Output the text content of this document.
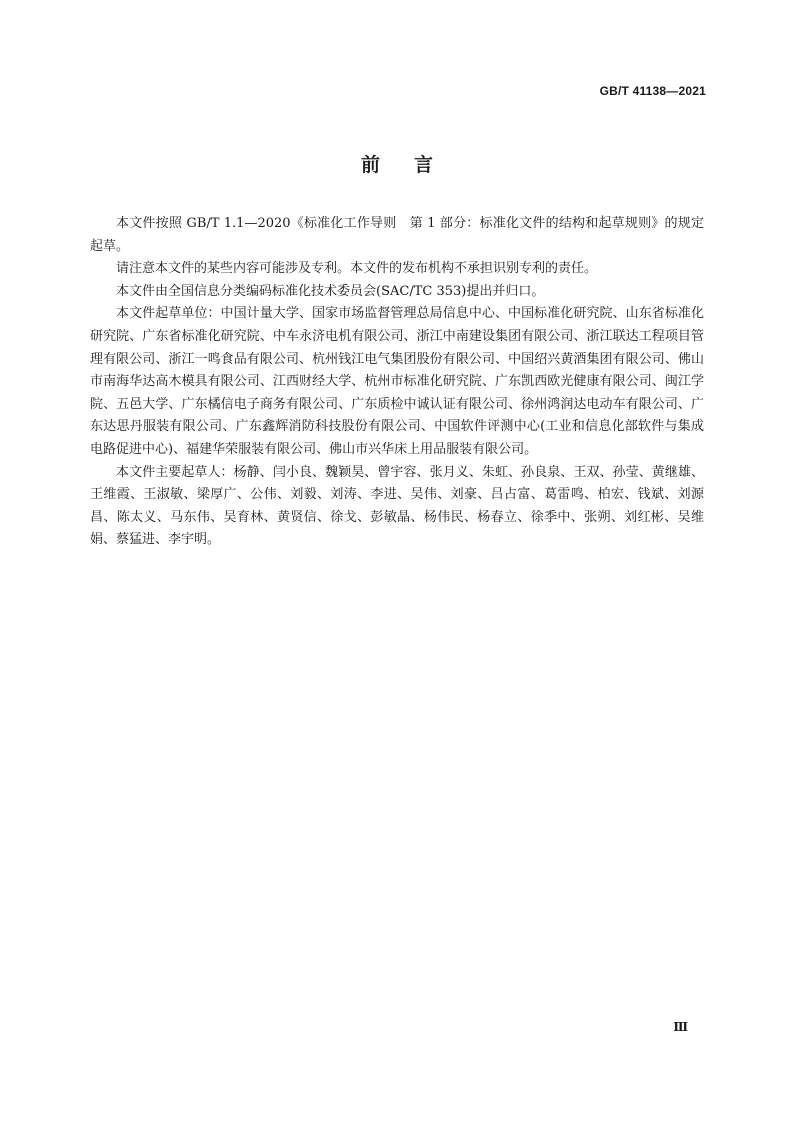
GB/T 41138—2021
前言

本文件按照 GB/T 1.1—2020《标准化工作导则　第 1 部分：标准化文件的结构和起草规则》的规定起草。

请注意本文件的某些内容可能涉及专利。本文件的发布机构不承担识别专利的责任。

本文件由全国信息分类编码标准化技术委员会(SAC/TC 353)提出并归口。

本文件起草单位：中国计量大学、国家市场监督管理总局信息中心、中国标准化研究院、山东省标准化研究院、广东省标准化研究院、中车永济电机有限公司、浙江中南建设集团有限公司、浙江联达工程项目管理有限公司、浙江一鸣食品有限公司、杭州钱江电气集团股份有限公司、中国绍兴黄酒集团有限公司、佛山市南海华达高木模具有限公司、江西财经大学、杭州市标准化研究院、广东凯西欧光健康有限公司、闽江学院、五邑大学、广东橘信电子商务有限公司、广东质检中诚认证有限公司、徐州鸿润达电动车有限公司、广东达思丹服装有限公司、广东鑫辉消防科技股份有限公司、中国软件评测中心(工业和信息化部软件与集成电路促进中心)、福建华荣服装有限公司、佛山市兴华床上用品服装有限公司。

本文件主要起草人：杨静、闫小良、魏颖昊、曾宇容、张月义、朱虹、孙良泉、王双、孙莹、黄继雄、王维霞、王淑敏、梁厚广、公伟、刘毅、刘涛、李进、吴伟、刘豪、吕占富、葛雷鸣、柏宏、钱斌、刘源昌、陈太义、马东伟、吴育林、黄贤信、徐戈、彭敏晶、杨伟民、杨春立、徐季中、张朔、刘红彬、吴维娟、蔡猛进、李宇明。

Ⅲ
